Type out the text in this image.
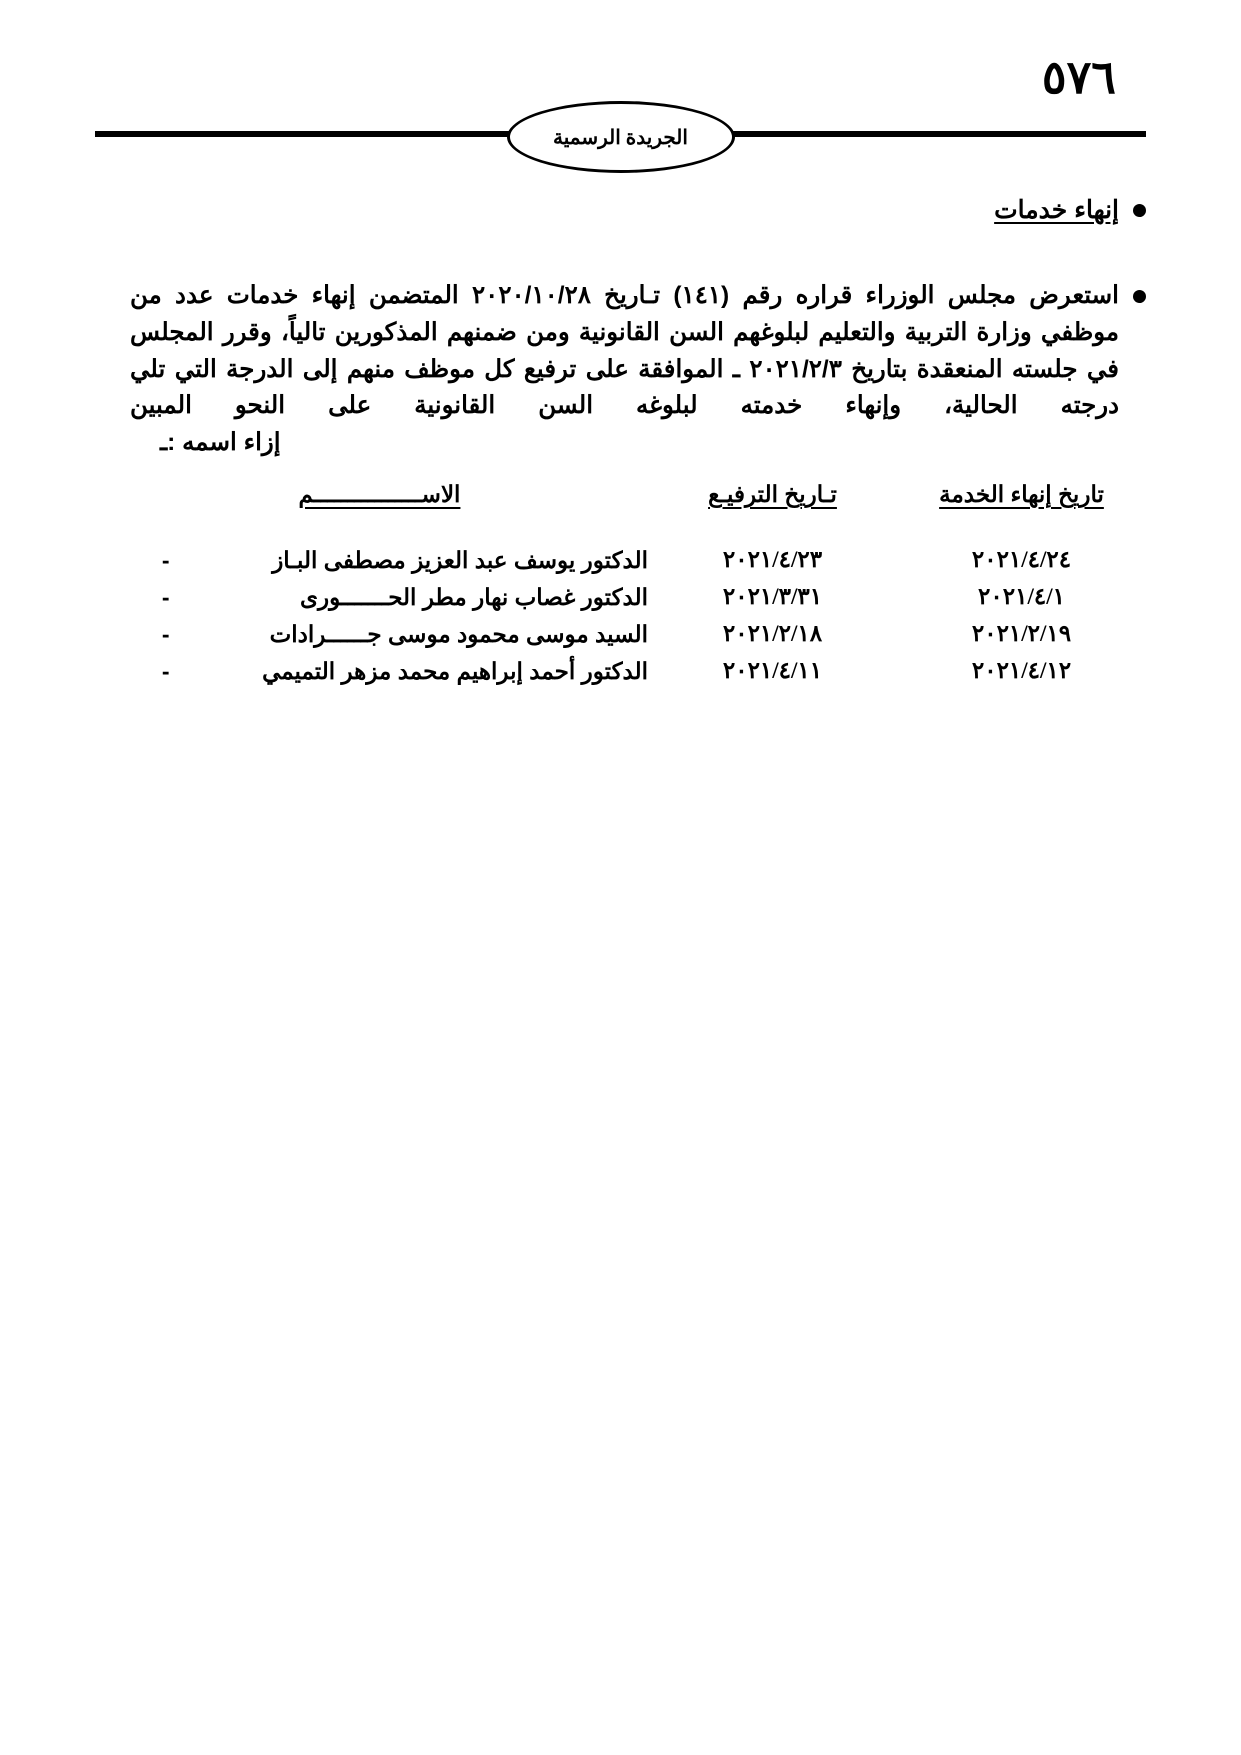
٥٧٦
الجريدة الرسمية
إنهاء خدمات
استعرض مجلس الوزراء قراره رقم (١٤١) تـاريخ ٢٠٢٠/١٠/٢٨ المتضمن إنهاء خدمات عدد من موظفي وزارة التربية والتعليم لبلوغهم السن القانونية ومن ضمنهم المذكورين تالياً، وقرر المجلس في جلسته المنعقدة بتاريخ ٢٠٢١/٢/٣ ـ الموافقة على ترفيع كل موظف منهم إلى الدرجة التي تلي درجته الحالية، وإنهاء خدمته لبلوغه السن القانونية على النحو المبين
إزاء اسمه :ـ
تاريخ إنهاء الخدمة	تـاريخ الترفيـع	الاســــــــــــــــم	
٢٠٢١/٤/٢٤	٢٠٢١/٤/٢٣	الدكتور يوسف عبد العزيز مصطفى البـاز	-
٢٠٢١/٤/١	٢٠٢١/٣/٣١	الدكتور غصاب نهار مطر الحـــــــورى	-
٢٠٢١/٢/١٩	٢٠٢١/٢/١٨	السيد موسى محمود موسى جــــــرادات	-
٢٠٢١/٤/١٢	٢٠٢١/٤/١١	الدكتور أحمد إبراهيم محمد مزهر التميمي	-
